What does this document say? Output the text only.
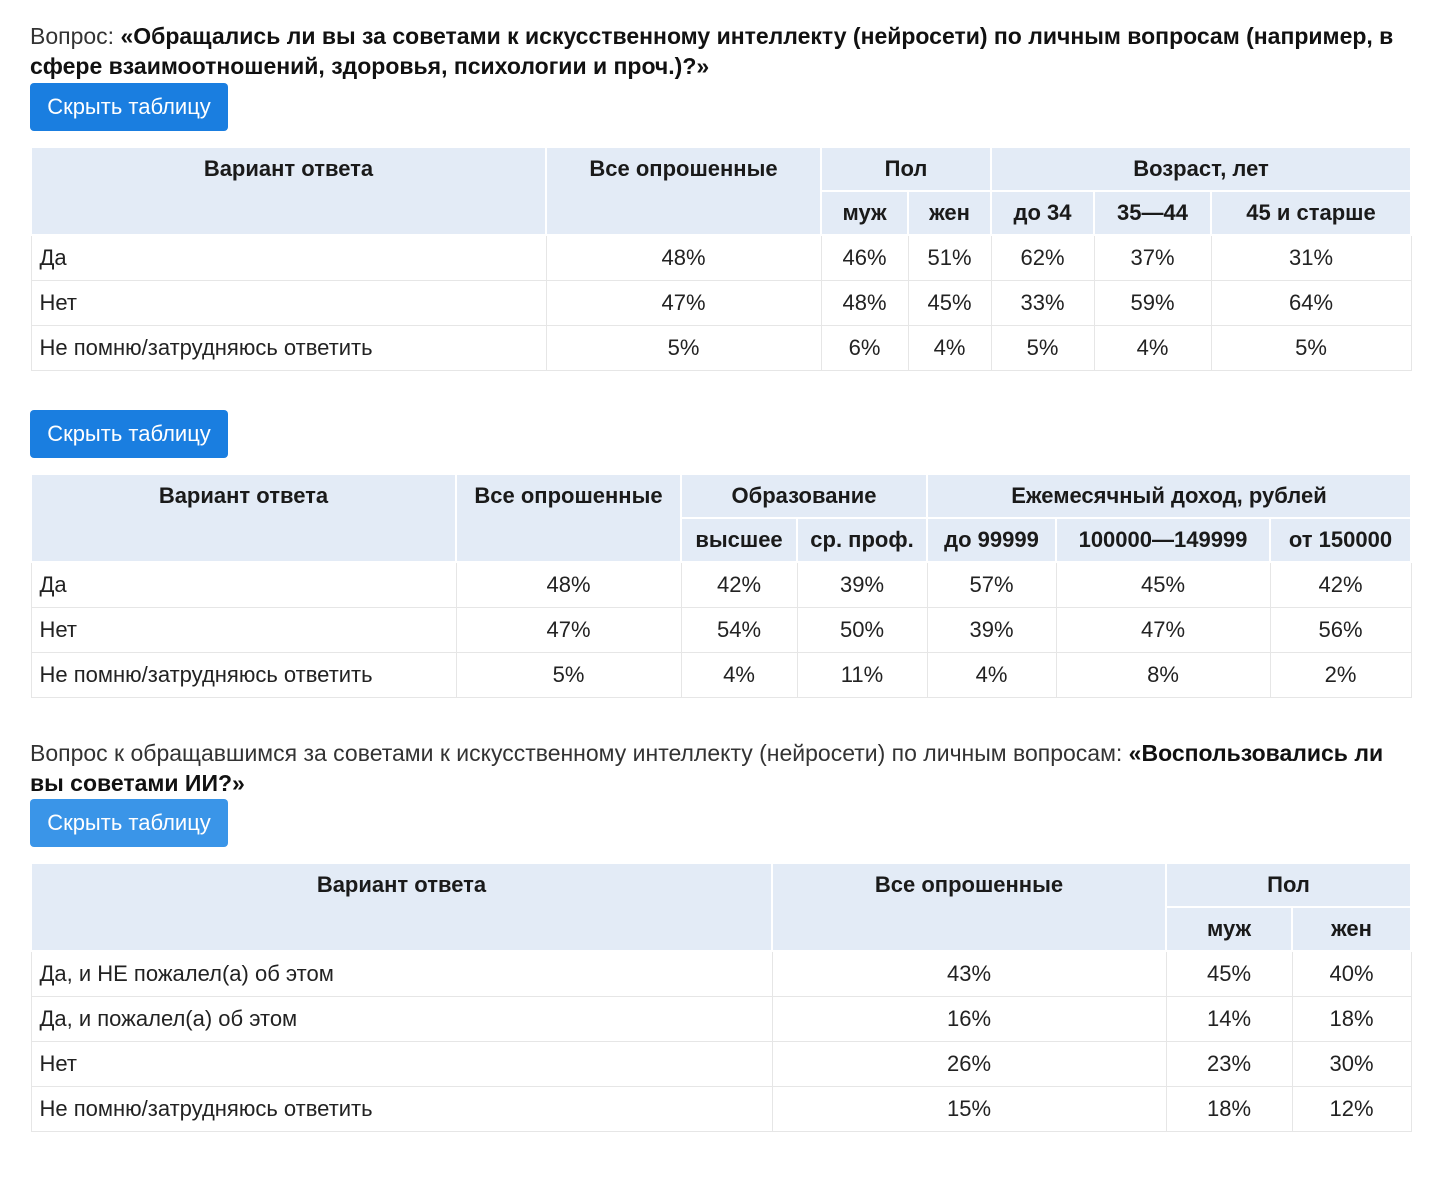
Вопрос: «Обращались ли вы за советами к искусственному интеллекту (нейросети) по личным вопросам (например, в сфере взаимоотношений, здоровья, психологии и проч.)?»
Скрыть таблицу
Вариант ответа	Все опрошенные	Пол		Возраст, лет		
		муж	жен	до 34	35—44	45 и старше
Да	48%	46%	51%	62%	37%	31%
Нет	47%	48%	45%	33%	59%	64%
Не помню/затрудняюсь ответить	5%	6%	4%	5%	4%	5%
Скрыть таблицу
Вариант ответа	Все опрошенные	Образование		Ежемесячный доход, рублей		
		высшее	ср. проф.	до 99999	100000—149999	от 150000
Да	48%	42%	39%	57%	45%	42%
Нет	47%	54%	50%	39%	47%	56%
Не помню/затрудняюсь ответить	5%	4%	11%	4%	8%	2%
Вопрос к обращавшимся за советами к искусственному интеллекту (нейросети) по личным вопросам: «Воспользовались ли вы советами ИИ?»
Скрыть таблицу
Вариант ответа	Все опрошенные	Пол	
		муж	жен
Да, и НЕ пожалел(а) об этом	43%	45%	40%
Да, и пожалел(а) об этом	16%	14%	18%
Нет	26%	23%	30%
Не помню/затрудняюсь ответить	15%	18%	12%
